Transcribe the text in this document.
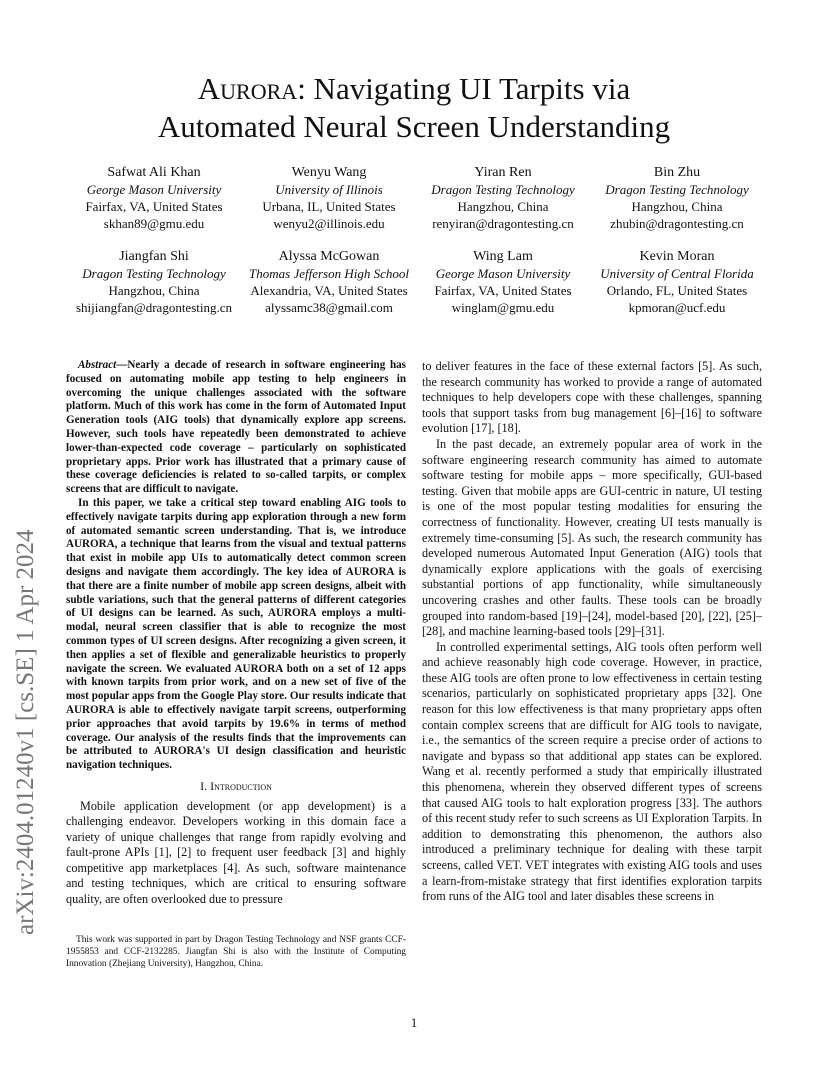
Aurora: Navigating UI Tarpits via
Automated Neural Screen Understanding
Safwat Ali Khan
George Mason University
Fairfax, VA, United States
skhan89@gmu.edu
Wenyu Wang
University of Illinois
Urbana, IL, United States
wenyu2@illinois.edu
Yiran Ren
Dragon Testing Technology
Hangzhou, China
renyiran@dragontesting.cn
Bin Zhu
Dragon Testing Technology
Hangzhou, China
zhubin@dragontesting.cn
Jiangfan Shi
Dragon Testing Technology
Hangzhou, China
shijiangfan@dragontesting.cn
Alyssa McGowan
Thomas Jefferson High School
Alexandria, VA, United States
alyssamc38@gmail.com
Wing Lam
George Mason University
Fairfax, VA, United States
winglam@gmu.edu
Kevin Moran
University of Central Florida
Orlando, FL, United States
kpmoran@ucf.edu
arXiv:2404.01240v1 [cs.SE] 1 Apr 2024

Abstract—Nearly a decade of research in software engineering has focused on automating mobile app testing to help engineers in overcoming the unique challenges associated with the software platform. Much of this work has come in the form of Automated Input Generation tools (AIG tools) that dynamically explore app screens. However, such tools have repeatedly been demonstrated to achieve lower-than-expected code coverage – particularly on sophisticated proprietary apps. Prior work has illustrated that a primary cause of these coverage deficiencies is related to so-called tarpits, or complex screens that are difficult to navigate.

In this paper, we take a critical step toward enabling AIG tools to effectively navigate tarpits during app exploration through a new form of automated semantic screen understanding. That is, we introduce AURORA, a technique that learns from the visual and textual patterns that exist in mobile app UIs to automatically detect common screen designs and navigate them accordingly. The key idea of AURORA is that there are a finite number of mobile app screen designs, albeit with subtle variations, such that the general patterns of different categories of UI designs can be learned. As such, AURORA employs a multi-modal, neural screen classifier that is able to recognize the most common types of UI screen designs. After recognizing a given screen, it then applies a set of flexible and generalizable heuristics to properly navigate the screen. We evaluated AURORA both on a set of 12 apps with known tarpits from prior work, and on a new set of five of the most popular apps from the Google Play store. Our results indicate that AURORA is able to effectively navigate tarpit screens, outperforming prior approaches that avoid tarpits by 19.6% in terms of method coverage. Our analysis of the results finds that the improvements can be attributed to AURORA's UI design classification and heuristic navigation techniques.

I. Introduction

Mobile application development (or app development) is a challenging endeavor. Developers working in this domain face a variety of unique challenges that range from rapidly evolving and fault-prone APIs [1], [2] to frequent user feedback [3] and highly competitive app marketplaces [4]. As such, software maintenance and testing techniques, which are critical to ensuring software quality, are often overlooked due to pressure

This work was supported in part by Dragon Testing Technology and NSF grants CCF-1955853 and CCF-2132285. Jiangfan Shi is also with the Institute of Computing Innovation (Zhejiang University), Hangzhou, China.

to deliver features in the face of these external factors [5]. As such, the research community has worked to provide a range of automated techniques to help developers cope with these challenges, spanning tools that support tasks from bug management [6]–[16] to software evolution [17], [18].

In the past decade, an extremely popular area of work in the software engineering research community has aimed to automate software testing for mobile apps – more specifically, GUI-based testing. Given that mobile apps are GUI-centric in nature, UI testing is one of the most popular testing modalities for ensuring the correctness of functionality. However, creating UI tests manually is extremely time-consuming [5]. As such, the research community has developed numerous Automated Input Generation (AIG) tools that dynamically explore applications with the goals of exercising substantial portions of app functionality, while simultaneously uncovering crashes and other faults. These tools can be broadly grouped into random-based [19]–[24], model-based [20], [22], [25]–[28], and machine learning-based tools [29]–[31].

In controlled experimental settings, AIG tools often perform well and achieve reasonably high code coverage. However, in practice, these AIG tools are often prone to low effectiveness in certain testing scenarios, particularly on sophisticated proprietary apps [32]. One reason for this low effectiveness is that many proprietary apps often contain complex screens that are difficult for AIG tools to navigate, i.e., the semantics of the screen require a precise order of actions to navigate and bypass so that additional app states can be explored. Wang et al. recently performed a study that empirically illustrated this phenomena, wherein they observed different types of screens that caused AIG tools to halt exploration progress [33]. The authors of this recent study refer to such screens as UI Exploration Tarpits. In addition to demonstrating this phenomenon, the authors also introduced a preliminary technique for dealing with these tarpit screens, called VET. VET integrates with existing AIG tools and uses a learn-from-mistake strategy that first identifies exploration tarpits from runs of the AIG tool and later disables these screens in

1
